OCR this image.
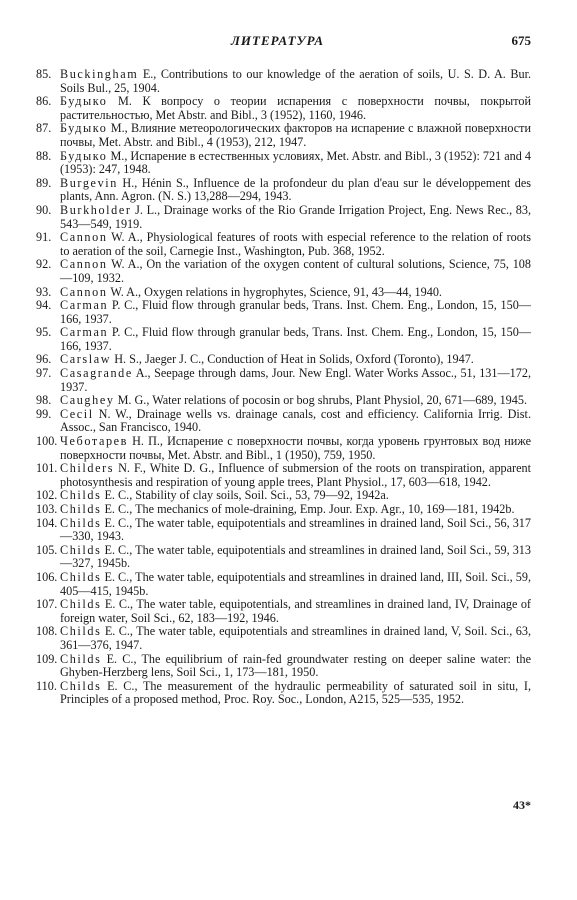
ЛИТЕРАТУРА	675

85. Buckingham E., Contributions to our knowledge of the aeration of soils, U. S. D. A. Bur. Soils Bul., 25, 1904.

86. Будыко М. К вопросу о теории испарения с поверхности почвы, покрытой растительностью, Met Abstr. and Bibl., 3 (1952), 1160, 1946.

87. Будыко М., Влияние метеорологических факторов на испарение с влажной поверхности почвы, Met. Abstr. and Bibl., 4 (1953), 212, 1947.

88. Будыко М., Испарение в естественных условиях, Met. Abstr. and Bibl., 3 (1952): 721 and 4 (1953): 247, 1948.

89. Burgevin H., Hénin S., Influence de la profondeur du plan d'eau sur le développement des plants, Ann. Agron. (N. S.) 13,288—294, 1943.

90. Burkholder J. L., Drainage works of the Rio Grande Irrigation Project, Eng. News Rec., 83, 543—549, 1919.

91. Cannon W. A., Physiological features of roots with especial reference to the relation of roots to aeration of the soil, Carnegie Inst., Washington, Pub. 368, 1952.

92. Cannon W. A., On the variation of the oxygen content of cultural solutions, Science, 75, 108—109, 1932.

93. Cannon W. A., Oxygen relations in hygrophytes, Science, 91, 43—44, 1940.

94. Carman P. C., Fluid flow through granular beds, Trans. Inst. Chem. Eng., London, 15, 150—166, 1937.

95. Carman P. C., Fluid flow through granular beds, Trans. Inst. Chem. Eng., London, 15, 150—166, 1937.

96. Carslaw H. S., Jaeger J. C., Conduction of Heat in Solids, Oxford (Toronto), 1947.

97. Casagrande A., Seepage through dams, Jour. New Engl. Water Works Assoc., 51, 131—172, 1937.

98. Caughey M. G., Water relations of pocosin or bog shrubs, Plant Physiol, 20, 671—689, 1945.

99. Cecil N. W., Drainage wells vs. drainage canals, cost and efficiency. California Irrig. Dist. Assoc., San Francisco, 1940.

100. Чеботарев Н. П., Испарение с поверхности почвы, когда уровень грунтовых вод ниже поверхности почвы, Met. Abstr. and Bibl., 1 (1950), 759, 1950.

101. Childers N. F., White D. G., Influence of submersion of the roots on transpiration, apparent photosynthesis and respiration of young apple trees, Plant Physiol., 17, 603—618, 1942.

102. Childs E. C., Stability of clay soils, Soil. Sci., 53, 79—92, 1942a.

103. Childs E. C., The mechanics of mole-draining, Emp. Jour. Exp. Agr., 10, 169—181, 1942b.

104. Childs E. C., The water table, equipotentials and streamlines in drained land, Soil Sci., 56, 317—330, 1943.

105. Childs E. C., The water table, equipotentials and streamlines in drained land, Soil Sci., 59, 313—327, 1945b.

106. Childs E. C., The water table, equipotentials and streamlines in drained land, III, Soil. Sci., 59, 405—415, 1945b.

107. Childs E. C., The water table, equipotentials, and streamlines in drained land, IV, Drainage of foreign water, Soil Sci., 62, 183—192, 1946.

108. Childs E. C., The water table, equipotentials and streamlines in drained land, V, Soil. Sci., 63, 361—376, 1947.

109. Childs E. C., The equilibrium of rain-fed groundwater resting on deeper saline water: the Ghyben-Herzberg lens, Soil Sci., 1, 173—181, 1950.

110. Childs E. C., The measurement of the hydraulic permeability of saturated soil in situ, I, Principles of a proposed method, Proc. Roy. Soc., London, A215, 525—535, 1952.

43*
